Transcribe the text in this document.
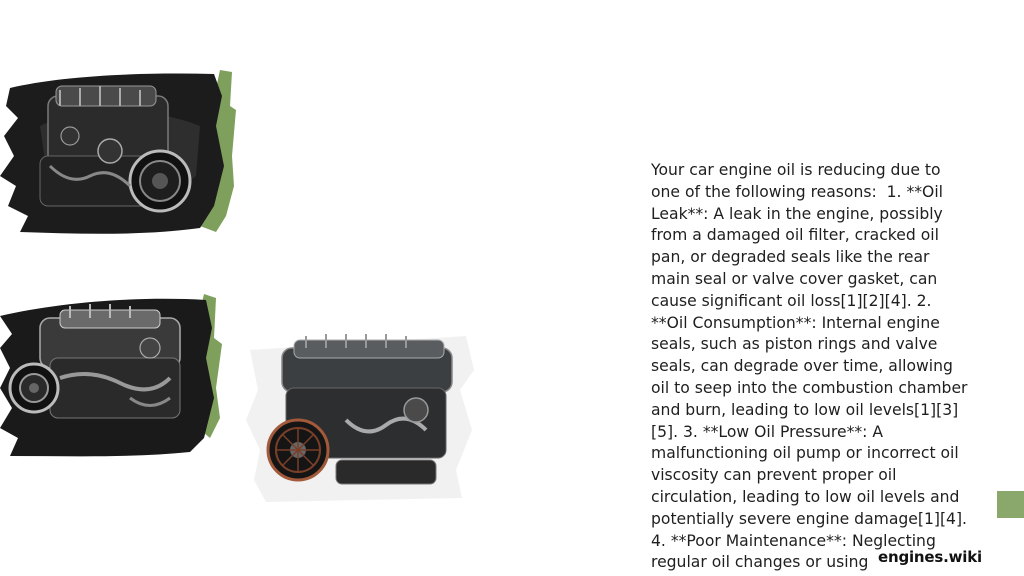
Your car engine oil is reducing due to one of the following reasons:  1. **Oil Leak**: A leak in the engine, possibly from a damaged oil filter, cracked oil pan, or degraded seals like the rear main seal or valve cover gasket, can cause significant oil loss[1][2][4]. 2. **Oil Consumption**: Internal engine seals, such as piston rings and valve seals, can degrade over time, allowing oil to seep into the combustion chamber and burn, leading to low oil levels[1][3][5]. 3. **Low Oil Pressure**: A malfunctioning oil pump or incorrect oil viscosity can prevent proper oil circulation, leading to low oil levels and potentially severe engine damage[1][4]. 4. **Poor Maintenance**: Neglecting regular oil changes or using engines.wiki
